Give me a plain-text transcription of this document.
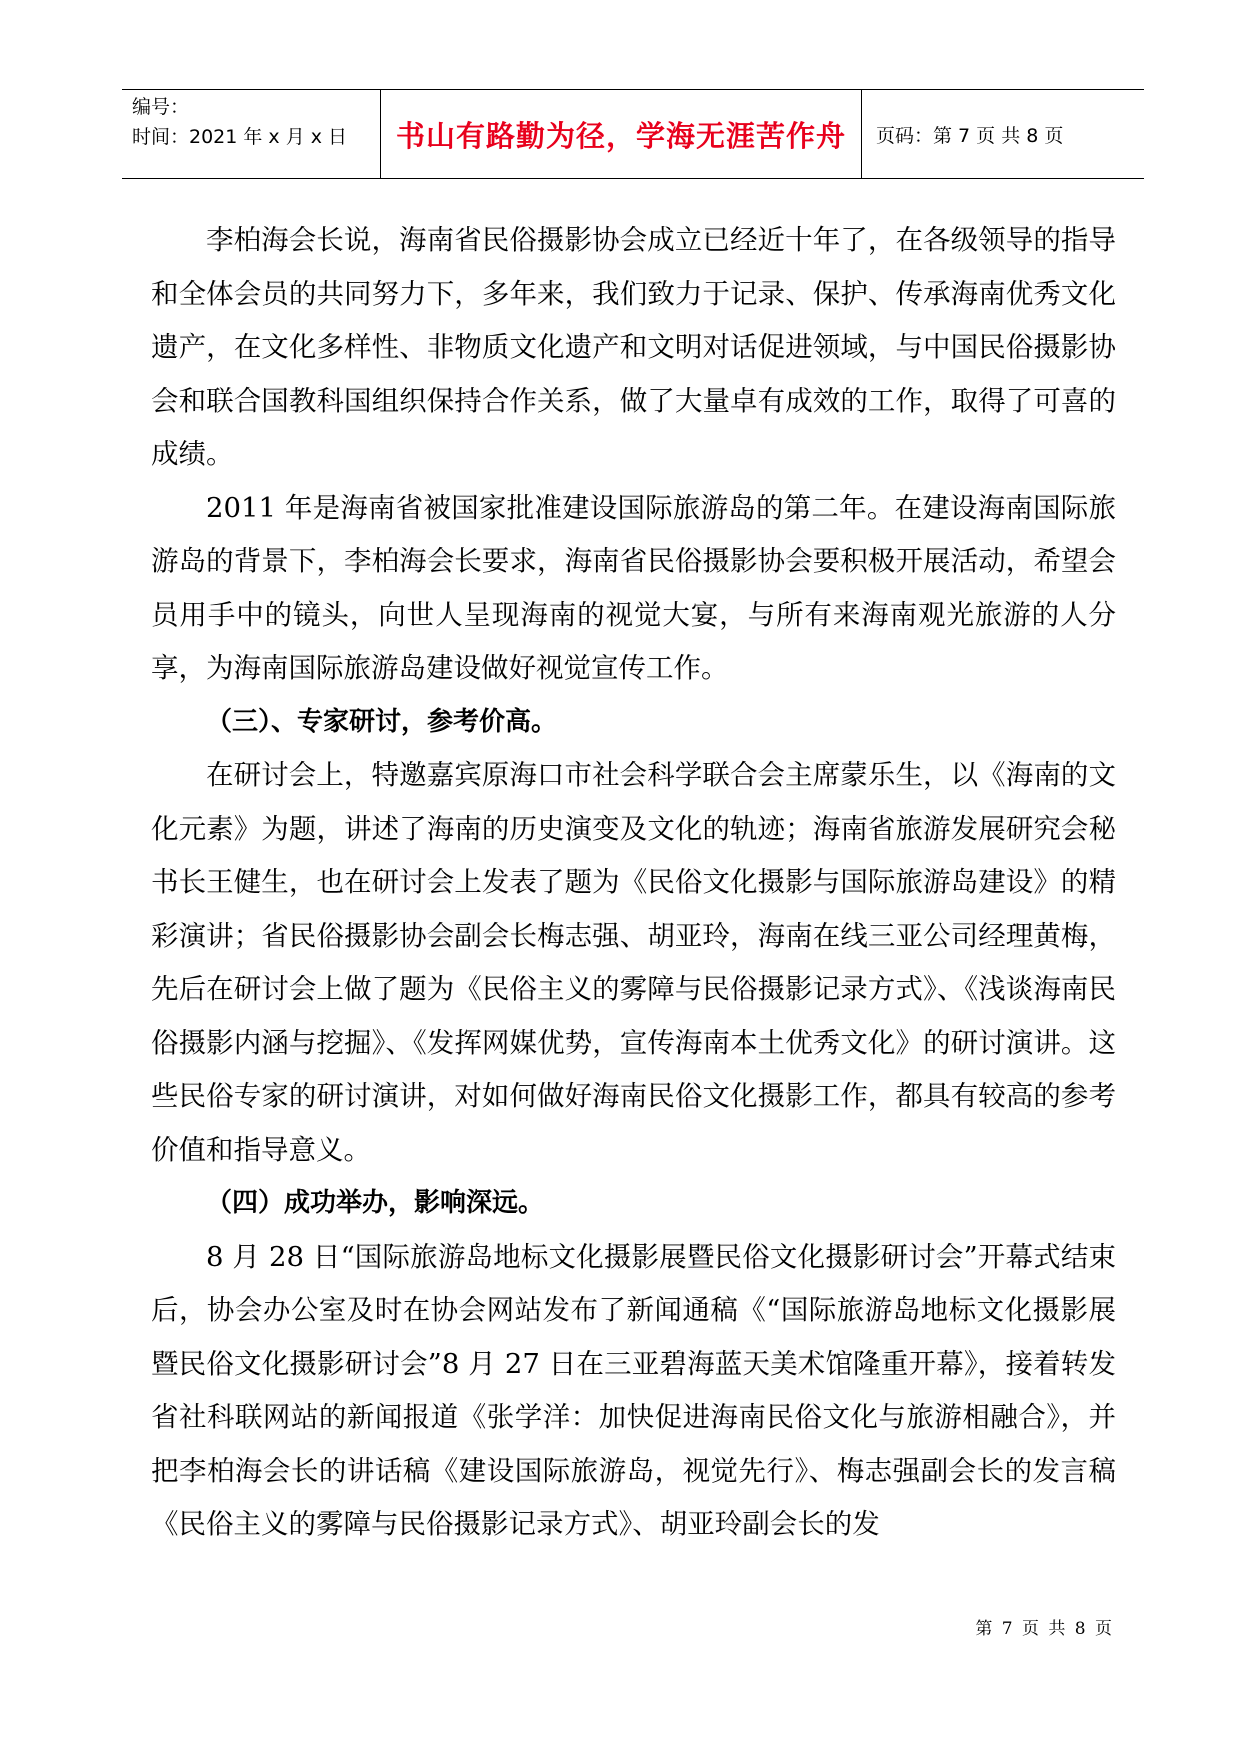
编号：
时间：2021 年 x 月 x 日	书山有路勤为径，学海无涯苦作舟 页码：第 7 页 共 8 页

李柏海会长说，海南省民俗摄影协会成立已经近十年了，在各级领导的指导和全体会员的共同努力下，多年来，我们致力于记录、保护、传承海南优秀文化遗产，在文化多样性、非物质文化遗产和文明对话促进领域，与中国民俗摄影协会和联合国教科国组织保持合作关系，做了大量卓有成效的工作，取得了可喜的成绩。

2011 年是海南省被国家批准建设国际旅游岛的第二年。在建设海南国际旅游岛的背景下，李柏海会长要求，海南省民俗摄影协会要积极开展活动，希望会员用手中的镜头，向世人呈现海南的视觉大宴，与所有来海南观光旅游的人分享，为海南国际旅游岛建设做好视觉宣传工作。

（三）、专家研讨，参考价高。

在研讨会上，特邀嘉宾原海口市社会科学联合会主席蒙乐生，以《海南的文化元素》为题，讲述了海南的历史演变及文化的轨迹；海南省旅游发展研究会秘书长王健生，也在研讨会上发表了题为《民俗文化摄影与国际旅游岛建设》的精彩演讲；省民俗摄影协会副会长梅志强、胡亚玲，海南在线三亚公司经理黄梅，先后在研讨会上做了题为《民俗主义的雾障与民俗摄影记录方式》、《浅谈海南民俗摄影内涵与挖掘》、《发挥网媒优势，宣传海南本土优秀文化》的研讨演讲。这些民俗专家的研讨演讲，对如何做好海南民俗文化摄影工作，都具有较高的参考价值和指导意义。

（四）成功举办，影响深远。

8 月 28 日“国际旅游岛地标文化摄影展暨民俗文化摄影研讨会”开幕式结束后，协会办公室及时在协会网站发布了新闻通稿《“国际旅游岛地标文化摄影展暨民俗文化摄影研讨会”8 月 27 日在三亚碧海蓝天美术馆隆重开幕》，接着转发省社科联网站的新闻报道《张学洋：加快促进海南民俗文化与旅游相融合》，并把李柏海会长的讲话稿《建设国际旅游岛，视觉先行》、梅志强副会长的发言稿《民俗主义的雾障与民俗摄影记录方式》、胡亚玲副会长的发

第 7 页 共 8 页
